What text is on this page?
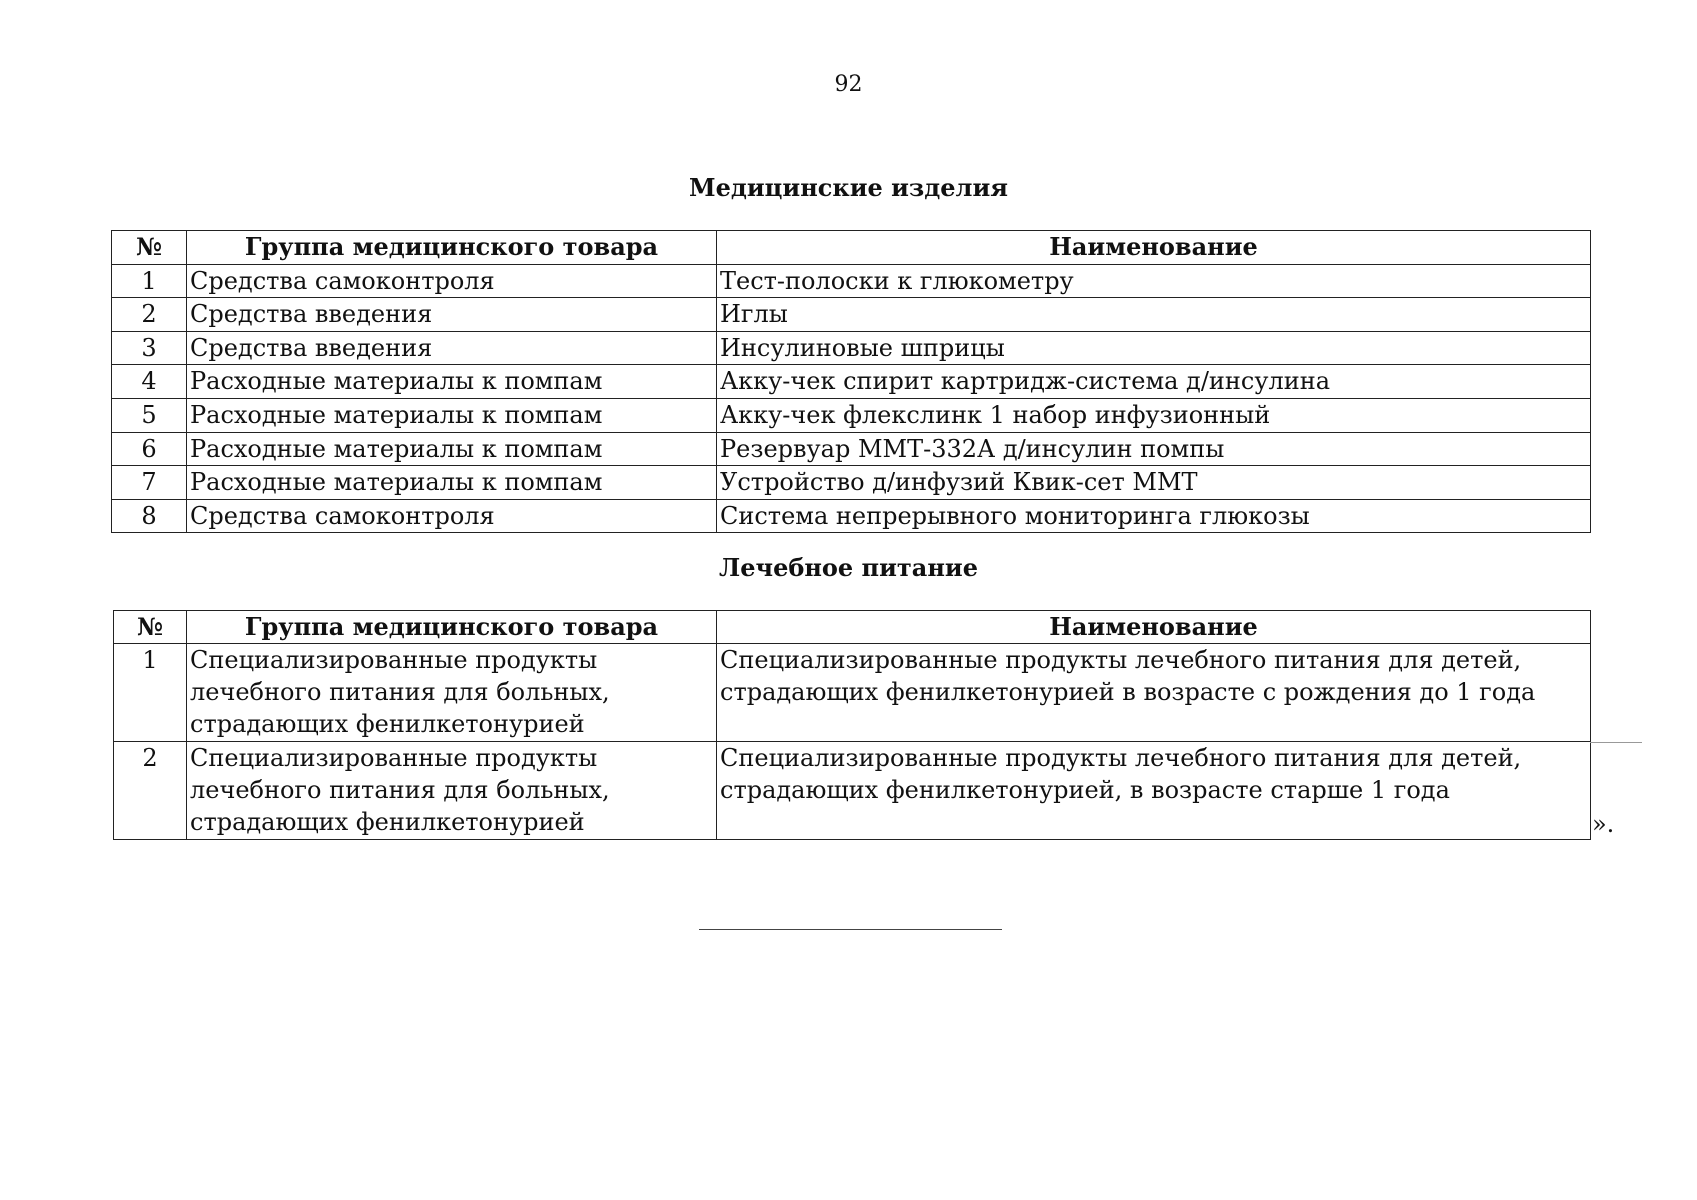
92
Медицинские изделия
№	Группа медицинского товара	Наименование
1	Средства самоконтроля	Тест-полоски к глюкометру
2	Средства введения	Иглы
3	Средства введения	Инсулиновые шприцы
4	Расходные материалы к помпам	Акку-чек спирит картридж-система д/инсулина
5	Расходные материалы к помпам	Акку-чек флекслинк 1 набор инфузионный
6	Расходные материалы к помпам	Резервуар ММТ-332А д/инсулин помпы
7	Расходные материалы к помпам	Устройство д/инфузий Квик-сет ММТ
8	Средства самоконтроля	Система непрерывного мониторинга глюкозы
Лечебное питание
№	Группа медицинского товара	Наименование
1	Специализированные продукты лечебного питания для больных, страдающих фенилкетонурией	Специализированные продукты лечебного питания для детей, страдающих фенилкетонурией в возрасте с рождения до 1 года
2	Специализированные продукты лечебного питания для больных, страдающих фенилкетонурией	Специализированные продукты лечебного питания для детей, страдающих фенилкетонурией, в возрасте старше 1 года
».
